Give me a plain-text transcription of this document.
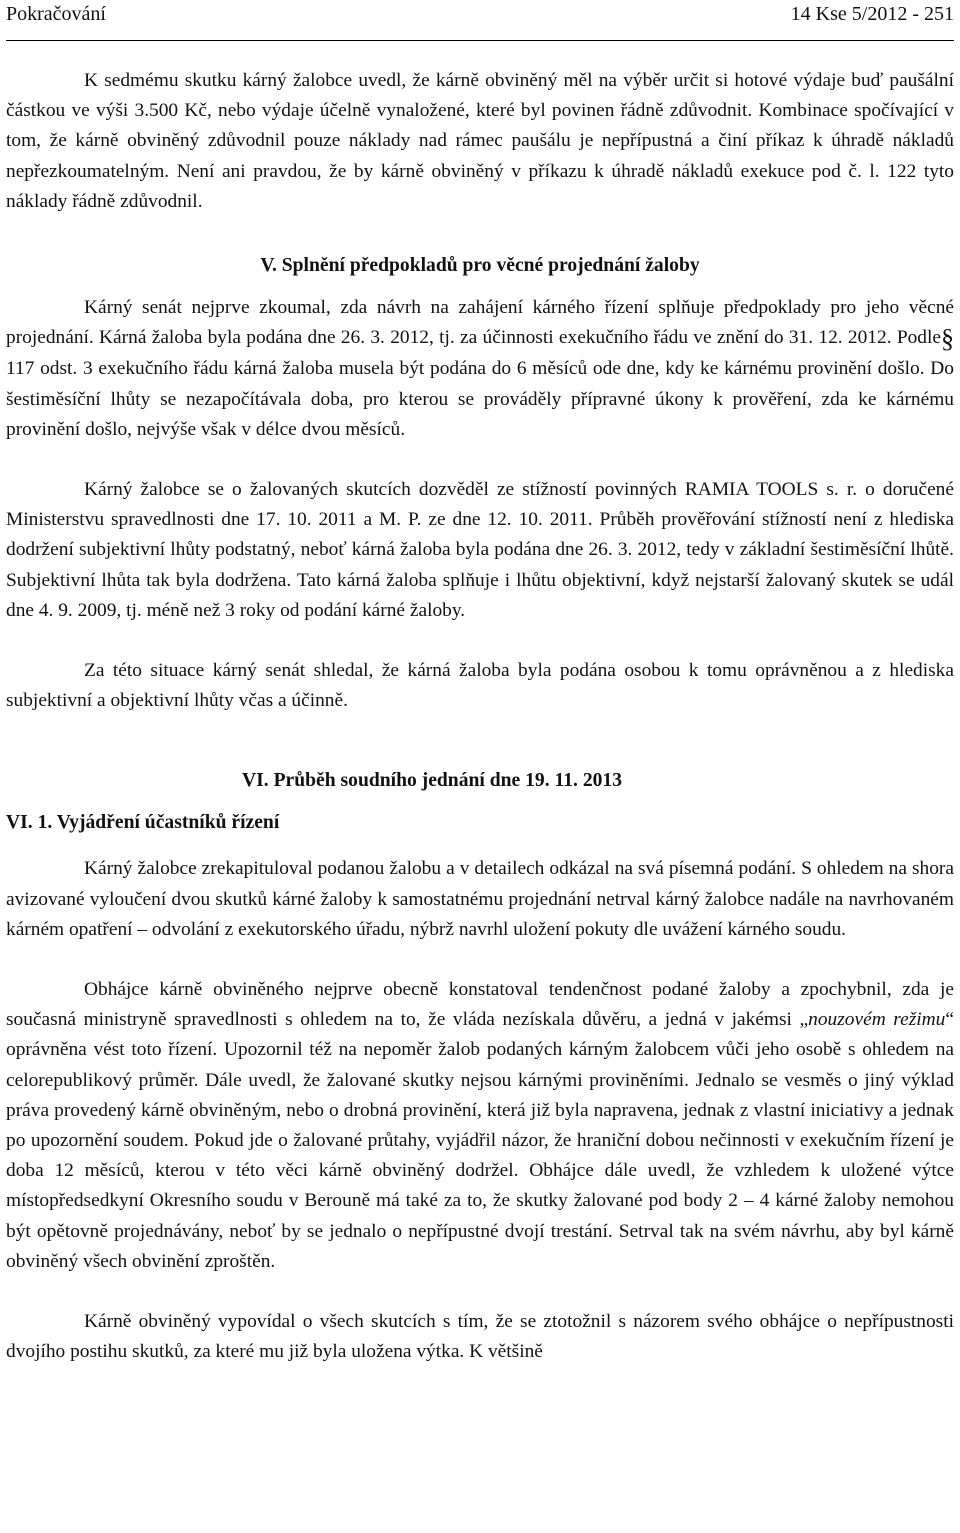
Pokračování	14 Kse 5/2012 - 251

K sedmému skutku kárný žalobce uvedl, že kárně obviněný měl na výběr určit si hotové výdaje buď paušální částkou ve výši 3.500 Kč, nebo výdaje účelně vynaložené, které byl povinen řádně zdůvodnit. Kombinace spočívající v tom, že kárně obviněný zdůvodnil pouze náklady nad rámec paušálu je nepřípustná a činí příkaz k úhradě nákladů nepřezkoumatelným. Není ani pravdou, že by kárně obviněný v příkazu k úhradě nákladů exekuce pod č. l. 122 tyto náklady řádně zdůvodnil.

V. Splnění předpokladů pro věcné projednání žaloby

Kárný senát nejprve zkoumal, zda návrh na zahájení kárného řízení splňuje předpoklady pro jeho věcné projednání. Kárná žaloba byla podána dne 26. 3. 2012, tj. za účinnosti exekučního řádu ve znění do 31. 12. 2012. Podle§ 117 odst. 3 exekučního řádu kárná žaloba musela být podána do 6 měsíců ode dne, kdy ke kárnému provinění došlo. Do šestiměsíční lhůty se nezapočítávala doba, pro kterou se prováděly přípravné úkony k prověření, zda ke kárnému provinění došlo, nejvýše však v délce dvou měsíců.

Kárný žalobce se o žalovaných skutcích dozvěděl ze stížností povinných RAMIA TOOLS s. r. o doručené Ministerstvu spravedlnosti dne 17. 10. 2011 a M. P. ze dne 12. 10. 2011. Průběh prověřování stížností není z hlediska dodržení subjektivní lhůty podstatný, neboť kárná žaloba byla podána dne 26. 3. 2012, tedy v základní šestiměsíční lhůtě. Subjektivní lhůta tak byla dodržena. Tato kárná žaloba splňuje i lhůtu objektivní, když nejstarší žalovaný skutek se udál dne 4. 9. 2009, tj. méně než 3 roky od podání kárné žaloby.

Za této situace kárný senát shledal, že kárná žaloba byla podána osobou k tomu oprávněnou a z hlediska subjektivní a objektivní lhůty včas a účinně.

VI. Průběh soudního jednání dne 19. 11. 2013
VI. 1. Vyjádření účastníků řízení

Kárný žalobce zrekapituloval podanou žalobu a v detailech odkázal na svá písemná podání. S ohledem na shora avizované vyloučení dvou skutků kárné žaloby k samostatnému projednání netrval kárný žalobce nadále na navrhovaném kárném opatření – odvolání z exekutorského úřadu, nýbrž navrhl uložení pokuty dle uvážení kárného soudu.

Obhájce kárně obviněného nejprve obecně konstatoval tendenčnost podané žaloby a zpochybnil, zda je současná ministryně spravedlnosti s ohledem na to, že vláda nezískala důvěru, a jedná v jakémsi „nouzovém režimu“ oprávněna vést toto řízení. Upozornil též na nepoměr žalob podaných kárným žalobcem vůči jeho osobě s ohledem na celorepublikový průměr. Dále uvedl, že žalované skutky nejsou kárnými proviněními. Jednalo se vesměs o jiný výklad práva provedený kárně obviněným, nebo o drobná provinění, která již byla napravena, jednak z vlastní iniciativy a jednak po upozornění soudem. Pokud jde o žalované průtahy, vyjádřil názor, že hraniční dobou nečinnosti v exekučním řízení je doba 12 měsíců, kterou v této věci kárně obviněný dodržel. Obhájce dále uvedl, že vzhledem k uložené výtce místopředsedkyní Okresního soudu v Berouně má také za to, že skutky žalované pod body 2 – 4 kárné žaloby nemohou být opětovně projednávány, neboť by se jednalo o nepřípustné dvojí trestání. Setrval tak na svém návrhu, aby byl kárně obviněný všech obvinění zproštěn.

Kárně obviněný vypovídal o všech skutcích s tím, že se ztotožnil s názorem svého obhájce o nepřípustnosti dvojího postihu skutků, za které mu již byla uložena výtka. K většině
